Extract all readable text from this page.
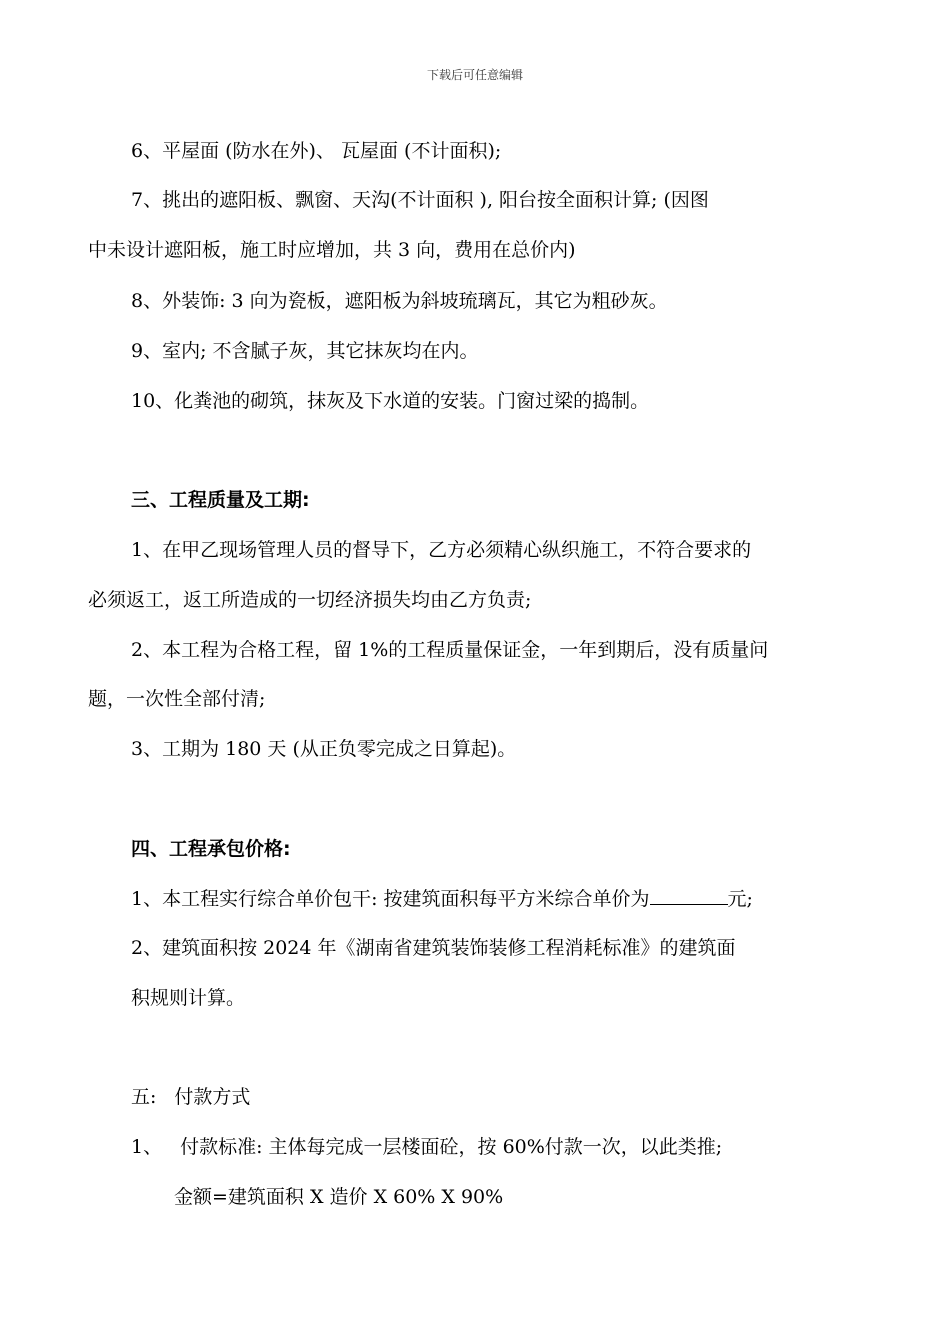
下载后可任意编辑
6、平屋面 (防水在外)、 瓦屋面 (不计面积);
7、挑出的遮阳板、飘窗、天沟(不计面积 ), 阳台按全面积计算; (因图
中未设计遮阳板，施工时应增加，共 3 向，费用在总价内)
8、外装饰: 3 向为瓷板，遮阳板为斜坡琉璃瓦，其它为粗砂灰。
9、室内; 不含腻子灰，其它抹灰均在内。
10、化粪池的砌筑，抹灰及下水道的安装。门窗过梁的捣制。
三、工程质量及工期:
1、在甲乙现场管理人员的督导下，乙方必须精心纵织施工，不符合要求的
必须返工，返工所造成的一切经济损失均由乙方负责;
2、本工程为合格工程，留 1%的工程质量保证金，一年到期后，没有质量问
题，一次性全部付清;
3、工期为 180 天 (从正负零完成之日算起)。
四、工程承包价格:
1、本工程实行综合单价包干: 按建筑面积每平方米综合单价为	元;
2、建筑面积按 2024 年《湖南省建筑装饰装修工程消耗标准》的建筑面
积规则计算。
五: 付款方式
1、 付款标准: 主体每完成一层楼面砼，按 60%付款一次，以此类推;
金额=建筑面积 X 造价 X 60% X 90%
